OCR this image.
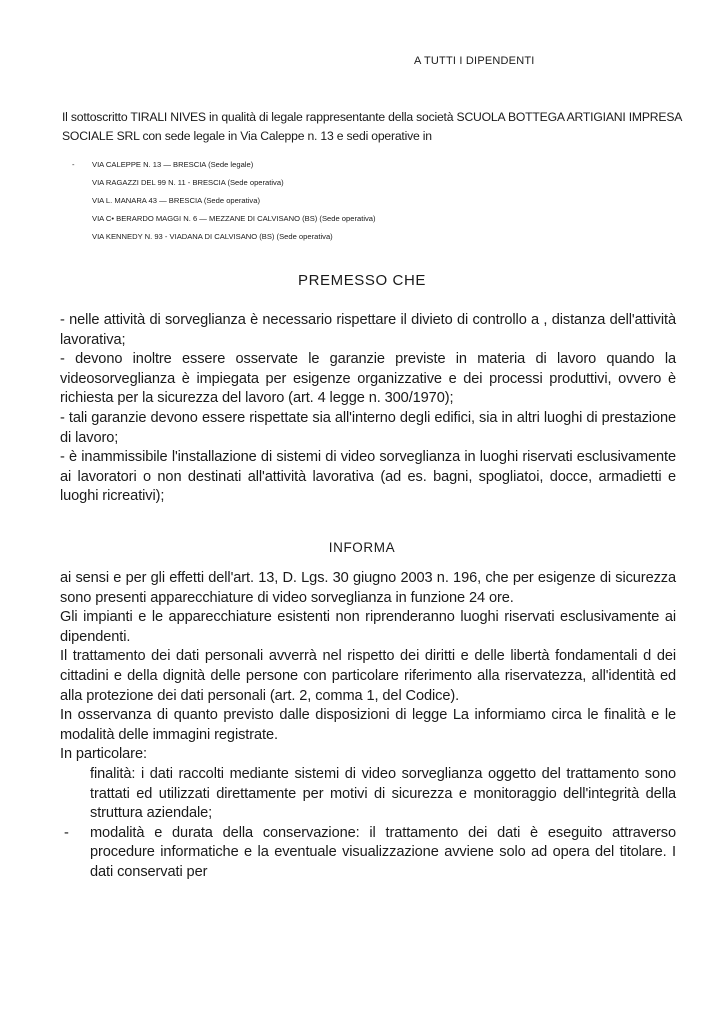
A TUTTI I DIPENDENTI
Il sottoscritto TIRALI NIVES in qualità di legale rappresentante della società SCUOLA BOTTEGA ARTIGIANI IMPRESA SOCIALE SRL con sede legale in Via Caleppe n. 13 e sedi operative in
- VIA CALEPPE N. 13 — BRESCIA (Sede legale)
VIA RAGAZZI DEL 99 N. 11 - BRESCIA (Sede operativa)
VIA L. MANARA 43 — BRESCIA (Sede operativa)
VIA C• BERARDO MAGGI N. 6 — MEZZANE DI CALVISANO (BS) (Sede operativa)
VIA KENNEDY N. 93 - VIADANA DI CALVISANO (BS) (Sede operativa)
PREMESSO CHE

- nelle attività di sorveglianza è necessario rispettare il divieto di controllo a , distanza dell'attività lavorativa;

- devono inoltre essere osservate le garanzie previste in materia di lavoro quando la videosorveglianza è impiegata per esigenze organizzative e dei processi produttivi, ovvero è richiesta per la sicurezza del lavoro (art. 4 legge n. 300/1970);

- tali garanzie devono essere rispettate sia all'interno degli edifici, sia in altri luoghi di prestazione di lavoro;

- è inammissibile l'installazione di sistemi di video sorveglianza in luoghi riservati esclusivamente ai lavoratori o non destinati all'attività lavorativa (ad es. bagni, spogliatoi, docce, armadietti e luoghi ricreativi);

INFORMA

ai sensi e per gli effetti dell'art. 13, D. Lgs. 30 giugno 2003 n. 196, che per esigenze di sicurezza sono presenti apparecchiature di video sorveglianza in funzione 24 ore.

Gli impianti e le apparecchiature esistenti non riprenderanno luoghi riservati esclusivamente ai dipendenti.

Il trattamento dei dati personali avverrà nel rispetto dei diritti e delle libertà fondamentali d dei cittadini e della dignità delle persone con particolare riferimento alla riservatezza, all'identità ed alla protezione dei dati personali (art. 2, comma 1, del Codice).

In osservanza di quanto previsto dalle disposizioni di legge La informiamo circa le finalità e le modalità delle immagini registrate.

In particolare:

finalità: i dati raccolti mediante sistemi di video sorveglianza oggetto del trattamento sono trattati ed utilizzati direttamente per motivi di sicurezza e monitoraggio dell'integrità della struttura aziendale;
- modalità e durata della conservazione: il trattamento dei dati è eseguito attraverso procedure informatiche e la eventuale visualizzazione avviene solo ad opera del titolare. I dati conservati per
